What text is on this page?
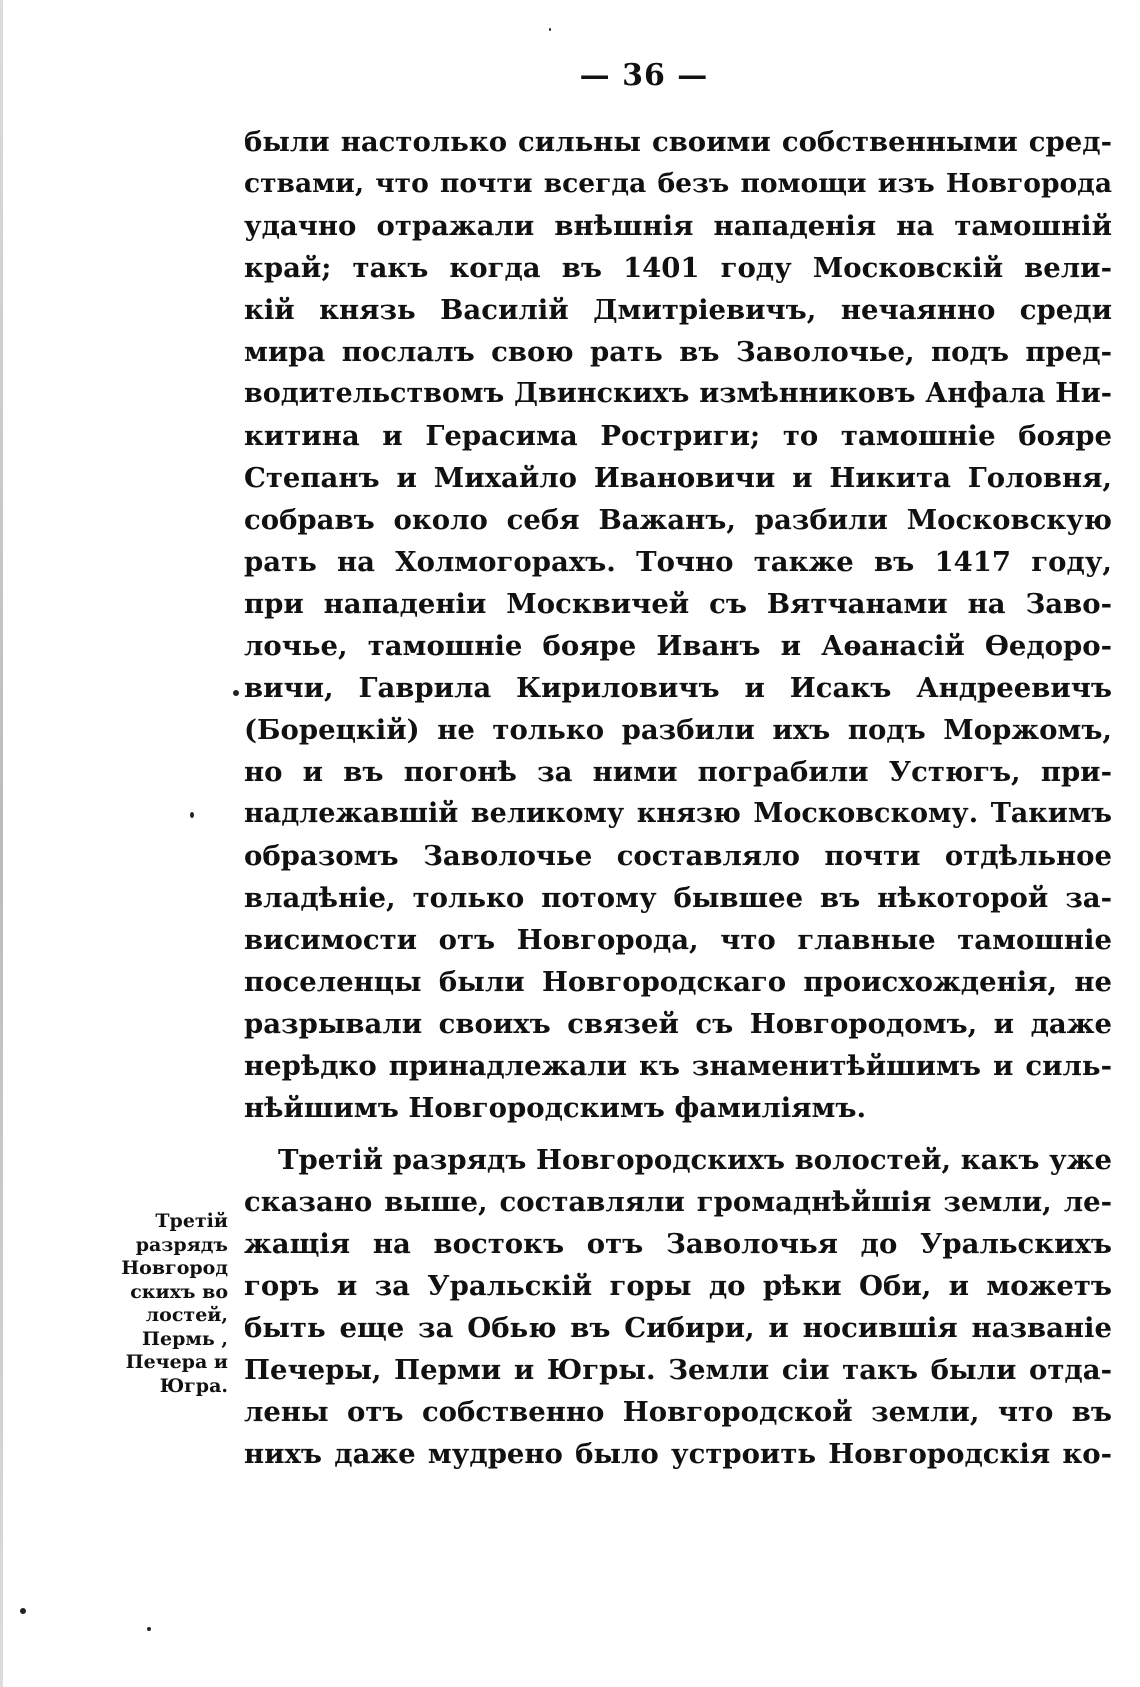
— 36 —
были настолько сильны своими собственными сред-
ствами, что почти всегда безъ помощи изъ Новгорода
удачно отражали внѣшнія нападенія на тамошній
край; такъ когда въ 1401 году Московскій вели-
кій князь Василій Дмитріевичъ, нечаянно среди
мира послалъ свою рать въ Заволочье, подъ пред-
водительствомъ Двинскихъ измѣнниковъ Анфала Ни-
китина и Герасима Ростриги; то тамошніе бояре
Степанъ и Михайло Ивановичи и Никита Головня,
собравъ около себя Важанъ, разбили Московскую
рать на Холмогорахъ. Точно также въ 1417 году,
при нападеніи Москвичей съ Вятчанами на Заво-
лочье, тамошніе бояре Иванъ и Аѳанасій Ѳедоро-
вичи, Гаврила Кириловичъ и Исакъ Андреевичъ
(Борецкій) не только разбили ихъ подъ Моржомъ,
но и въ погонѣ за ними пограбили Устюгъ, при-
надлежавшій великому князю Московскому. Такимъ
образомъ Заволочье составляло почти отдѣльное
владѣніе, только потому бывшее въ нѣкоторой за-
висимости отъ Новгорода, что главные тамошніе
поселенцы были Новгородскаго происхожденія, не
разрывали своихъ связей съ Новгородомъ, и даже
нерѣдко принадлежали къ знаменитѣйшимъ и силь-
нѣйшимъ Новгородскимъ фамиліямъ.
Третій разрядъ Новгородскихъ волостей, какъ уже
сказано выше, составляли громаднѣйшія земли, ле-
жащія на востокъ отъ Заволочья до Уральскихъ
горъ и за Уральскій горы до рѣки Оби, и можетъ
быть еще за Обью въ Сибири, и носившія названіе
Печеры, Перми и Югры. Земли сіи такъ были отда-
лены отъ собственно Новгородской земли, что въ
нихъ даже мудрено было устроить Новгородскія ко-
Третій
разрядъ
Новгород
скихъ во
лостей,
Пермь ,
Печера и
Югра.
